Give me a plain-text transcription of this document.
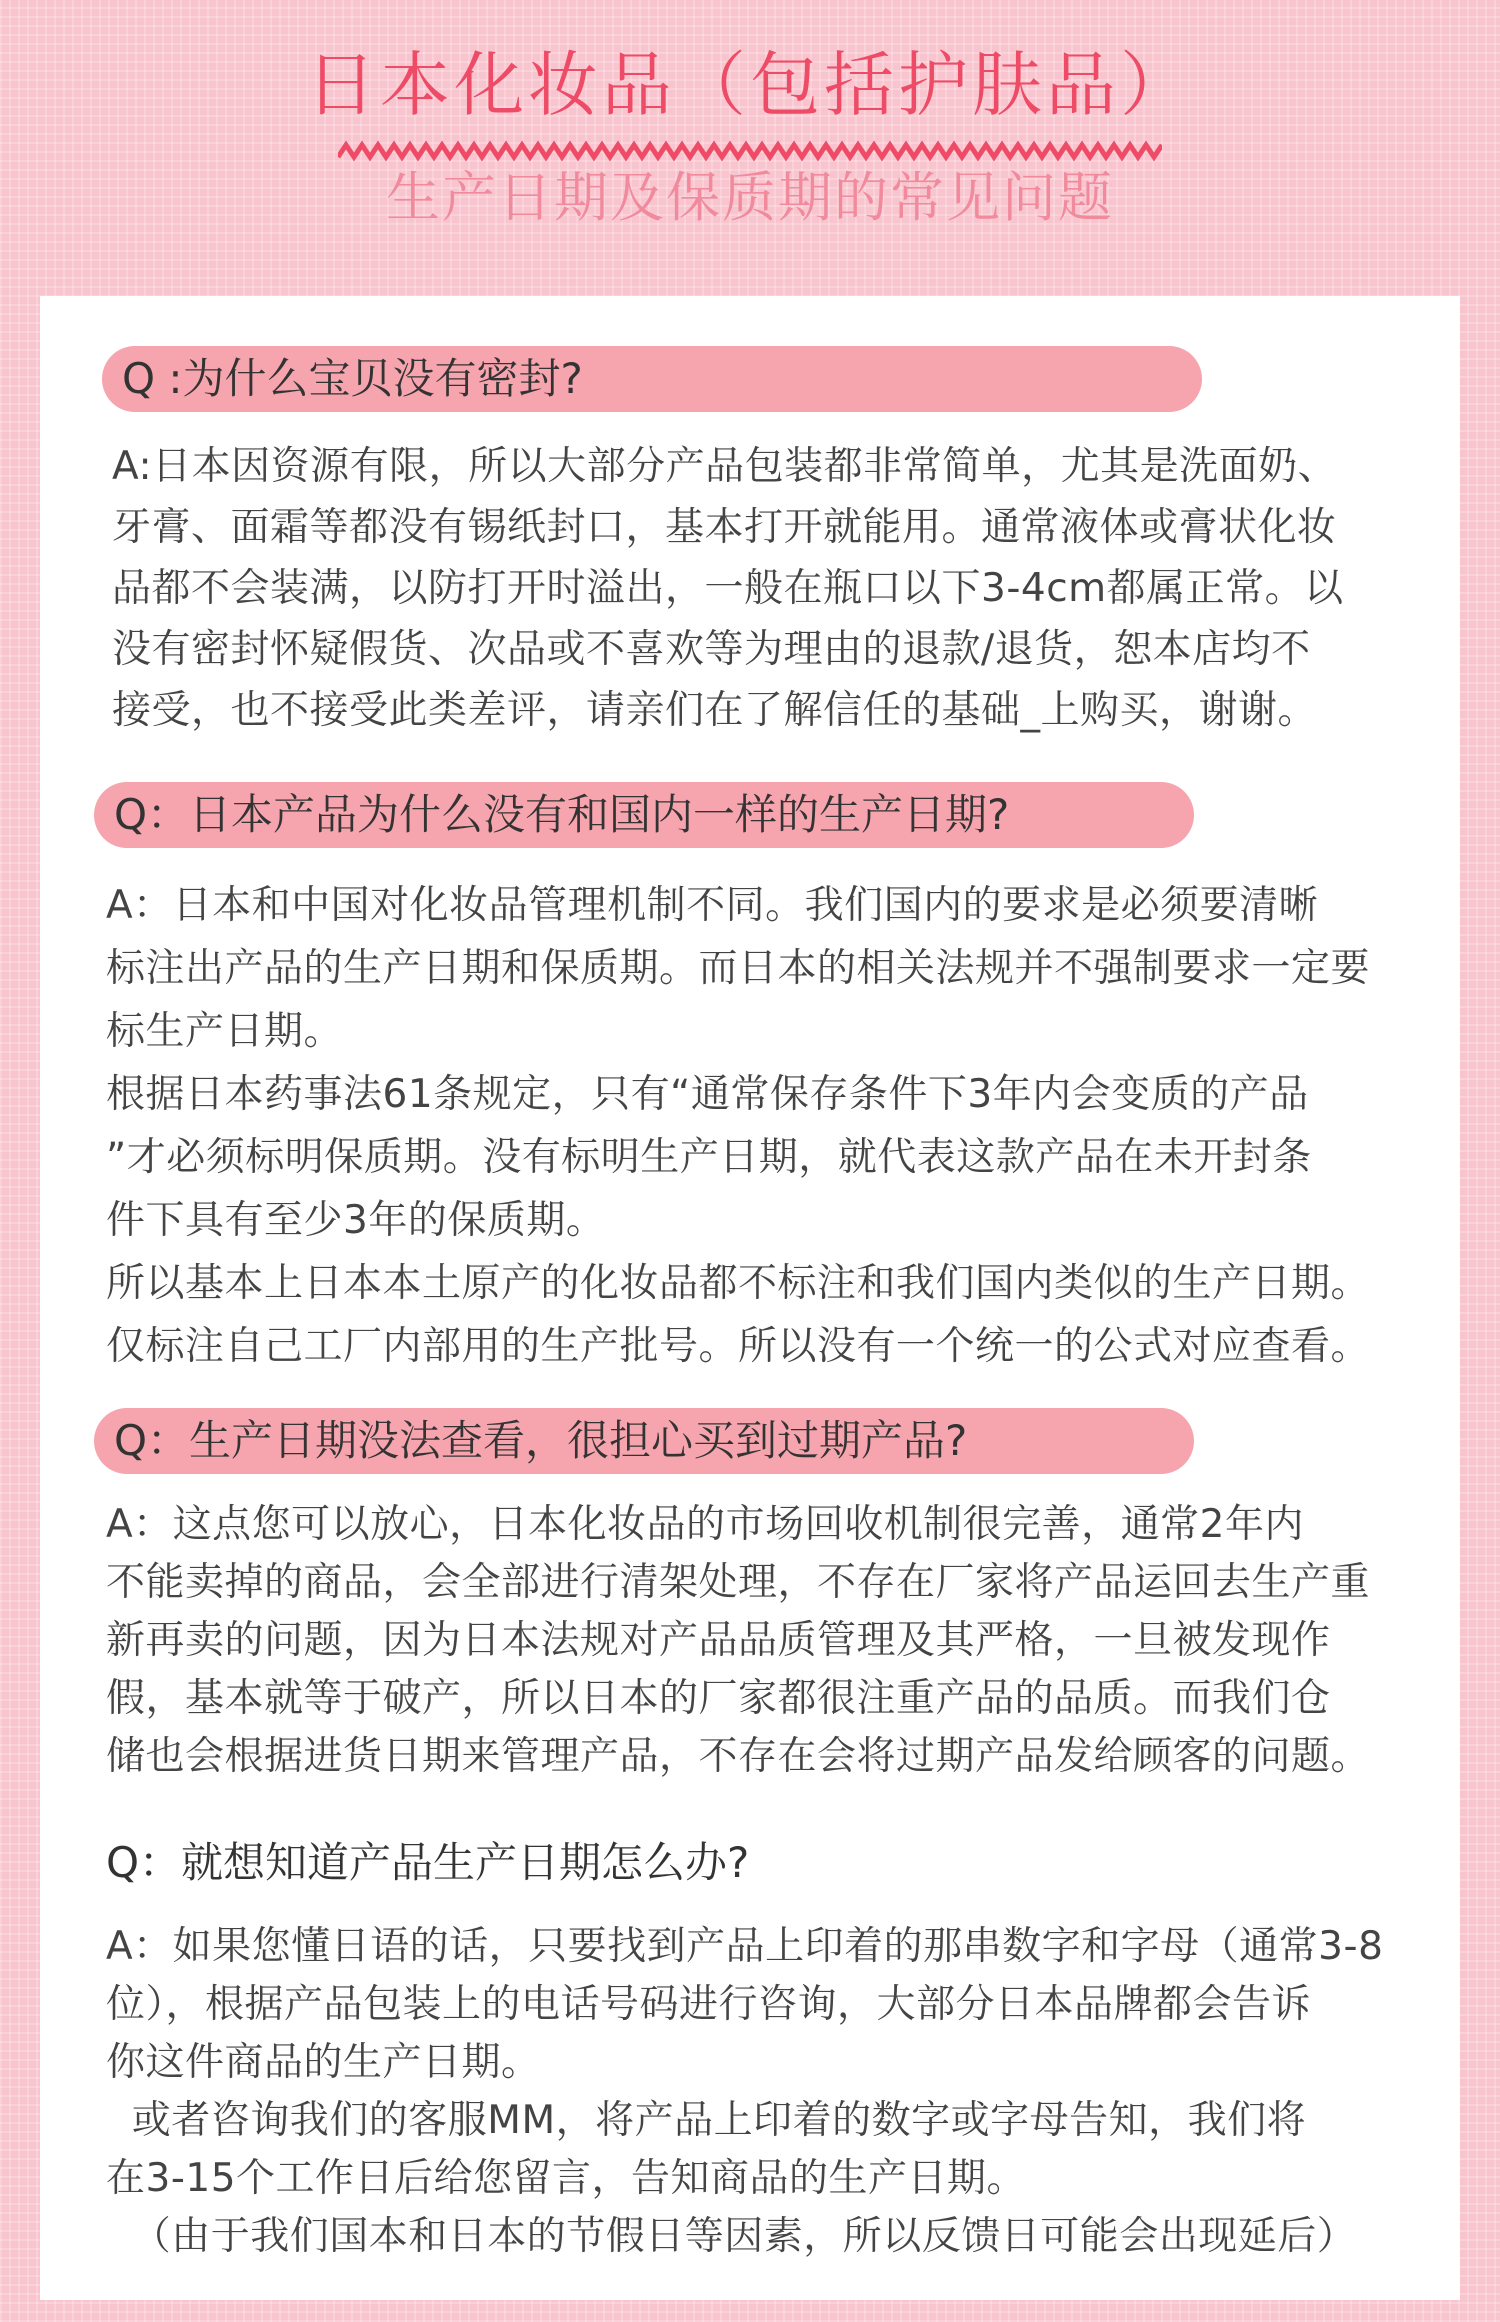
日本化妆品（包括护肤品）
生产日期及保质期的常见问题
Q :为什么宝贝没有密封?
A:日本因资源有限，所以大部分产品包装都非常简单，尤其是洗面奶、
牙膏、面霜等都没有锡纸封口，基本打开就能用。通常液体或膏状化妆
品都不会装满，以防打开时溢出，一般在瓶口以下3-4cm都属正常。以
没有密封怀疑假货、次品或不喜欢等为理由的退款/退货，恕本店均不
接受，也不接受此类差评，请亲们在了解信任的基础_上购买，谢谢。
Q：日本产品为什么没有和国内一样的生产日期?
A：日本和中国对化妆品管理机制不同。我们国内的要求是必须要清晰
标注出产品的生产日期和保质期。而日本的相关法规并不强制要求一定要
标生产日期。
根据日本药事法61条规定，只有“通常保存条件下3年内会变质的产品
”才必须标明保质期。没有标明生产日期，就代表这款产品在未开封条
件下具有至少3年的保质期。
所以基本上日本本土原产的化妆品都不标注和我们国内类似的生产日期。
仅标注自己工厂内部用的生产批号。所以没有一个统一的公式对应查看。
Q：生产日期没法查看，很担心买到过期产品?
A：这点您可以放心，日本化妆品的市场回收机制很完善，通常2年内
不能卖掉的商品，会全部进行清架处理，不存在厂家将产品运回去生产重
新再卖的问题，因为日本法规对产品品质管理及其严格，一旦被发现作
假，基本就等于破产，所以日本的厂家都很注重产品的品质。而我们仓
储也会根据进货日期来管理产品，不存在会将过期产品发给顾客的问题。
Q：就想知道产品生产日期怎么办?
A：如果您懂日语的话，只要找到产品上印着的那串数字和字母（通常3-8
位），根据产品包装上的电话号码进行咨询，大部分日本品牌都会告诉
你这件商品的生产日期。
或者咨询我们的客服MM，将产品上印着的数字或字母告知，我们将
在3-15个工作日后给您留言，告知商品的生产日期。
（由于我们国本和日本的节假日等因素，所以反馈日可能会出现延后）
